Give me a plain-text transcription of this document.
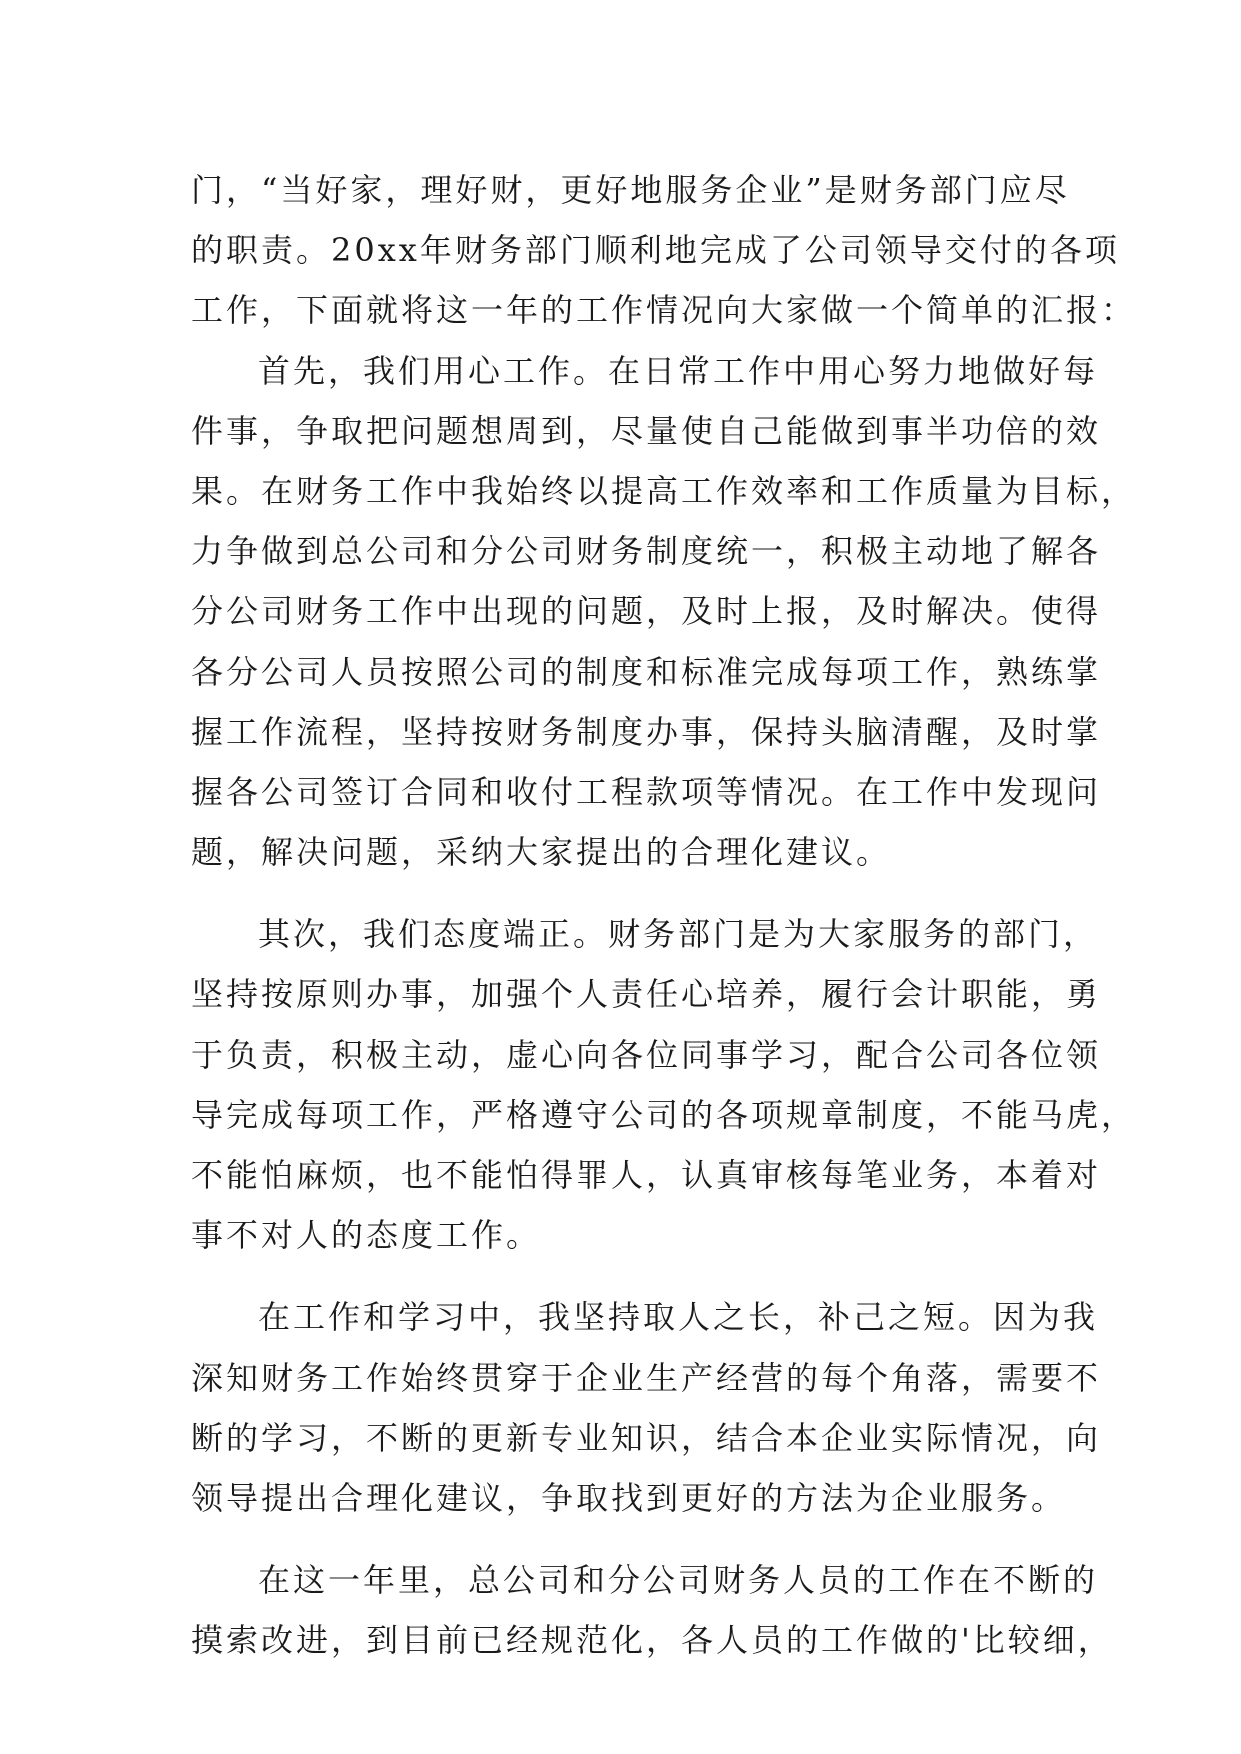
门，“当好家，理好财，更好地服务企业”是财务部门应尽
的职责。20xx年财务部门顺利地完成了公司领导交付的各项
工作，下面就将这一年的工作情况向大家做一个简单的汇报：
首先，我们用心工作。在日常工作中用心努力地做好每
件事，争取把问题想周到，尽量使自己能做到事半功倍的效
果。在财务工作中我始终以提高工作效率和工作质量为目标，
力争做到总公司和分公司财务制度统一，积极主动地了解各
分公司财务工作中出现的问题，及时上报，及时解决。使得
各分公司人员按照公司的制度和标准完成每项工作，熟练掌
握工作流程，坚持按财务制度办事，保持头脑清醒，及时掌
握各公司签订合同和收付工程款项等情况。在工作中发现问
题，解决问题，采纳大家提出的合理化建议。
其次，我们态度端正。财务部门是为大家服务的部门，
坚持按原则办事，加强个人责任心培养，履行会计职能，勇
于负责，积极主动，虚心向各位同事学习，配合公司各位领
导完成每项工作，严格遵守公司的各项规章制度，不能马虎，
不能怕麻烦，也不能怕得罪人，认真审核每笔业务，本着对
事不对人的态度工作。
在工作和学习中，我坚持取人之长，补己之短。因为我
深知财务工作始终贯穿于企业生产经营的每个角落，需要不
断的学习，不断的更新专业知识，结合本企业实际情况，向
领导提出合理化建议，争取找到更好的方法为企业服务。
在这一年里，总公司和分公司财务人员的工作在不断的
摸索改进，到目前已经规范化，各人员的工作做的'比较细，
